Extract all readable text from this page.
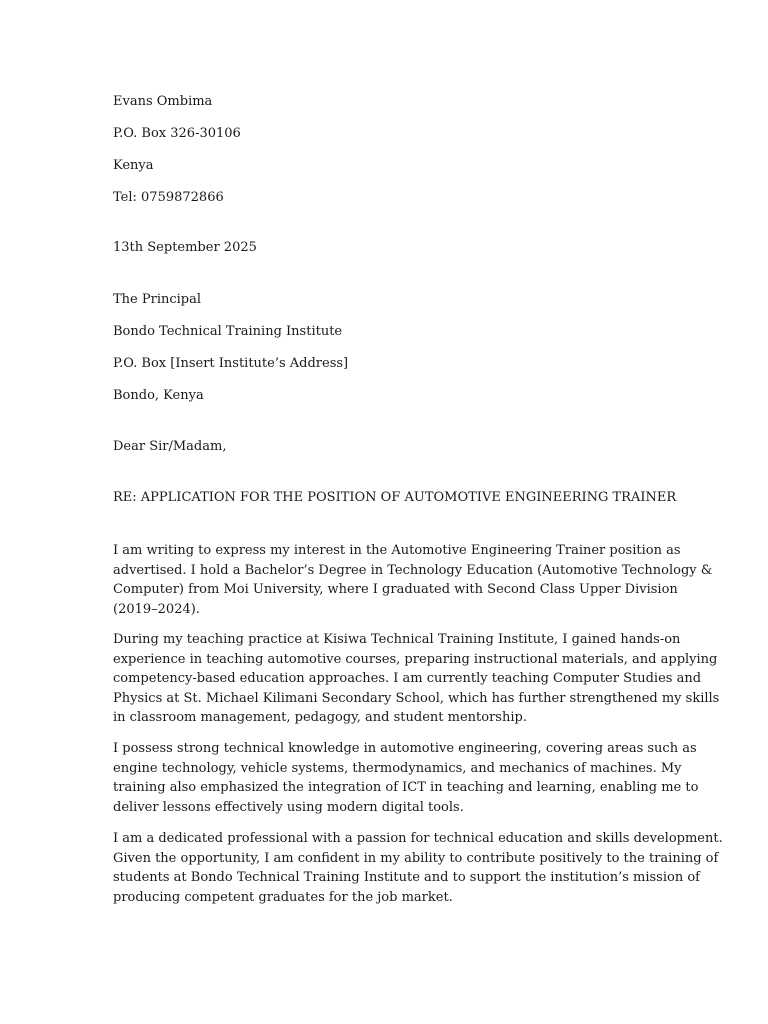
Evans Ombima
P.O. Box 326-30106
Kenya
Tel: 0759872866
13th September 2025
The Principal
Bondo Technical Training Institute
P.O. Box [Insert Institute’s Address]
Bondo, Kenya
Dear Sir/Madam,
RE: APPLICATION FOR THE POSITION OF AUTOMOTIVE ENGINEERING TRAINER
I am writing to express my interest in the Automotive Engineering Trainer position as
advertised. I hold a Bachelor’s Degree in Technology Education (Automotive Technology &
Computer) from Moi University, where I graduated with Second Class Upper Division
(2019–2024).
During my teaching practice at Kisiwa Technical Training Institute, I gained hands-on
experience in teaching automotive courses, preparing instructional materials, and applying
competency-based education approaches. I am currently teaching Computer Studies and
Physics at St. Michael Kilimani Secondary School, which has further strengthened my skills
in classroom management, pedagogy, and student mentorship.
I possess strong technical knowledge in automotive engineering, covering areas such as
engine technology, vehicle systems, thermodynamics, and mechanics of machines. My
training also emphasized the integration of ICT in teaching and learning, enabling me to
deliver lessons effectively using modern digital tools.
I am a dedicated professional with a passion for technical education and skills development.
Given the opportunity, I am confident in my ability to contribute positively to the training of
students at Bondo Technical Training Institute and to support the institution’s mission of
producing competent graduates for the job market.
